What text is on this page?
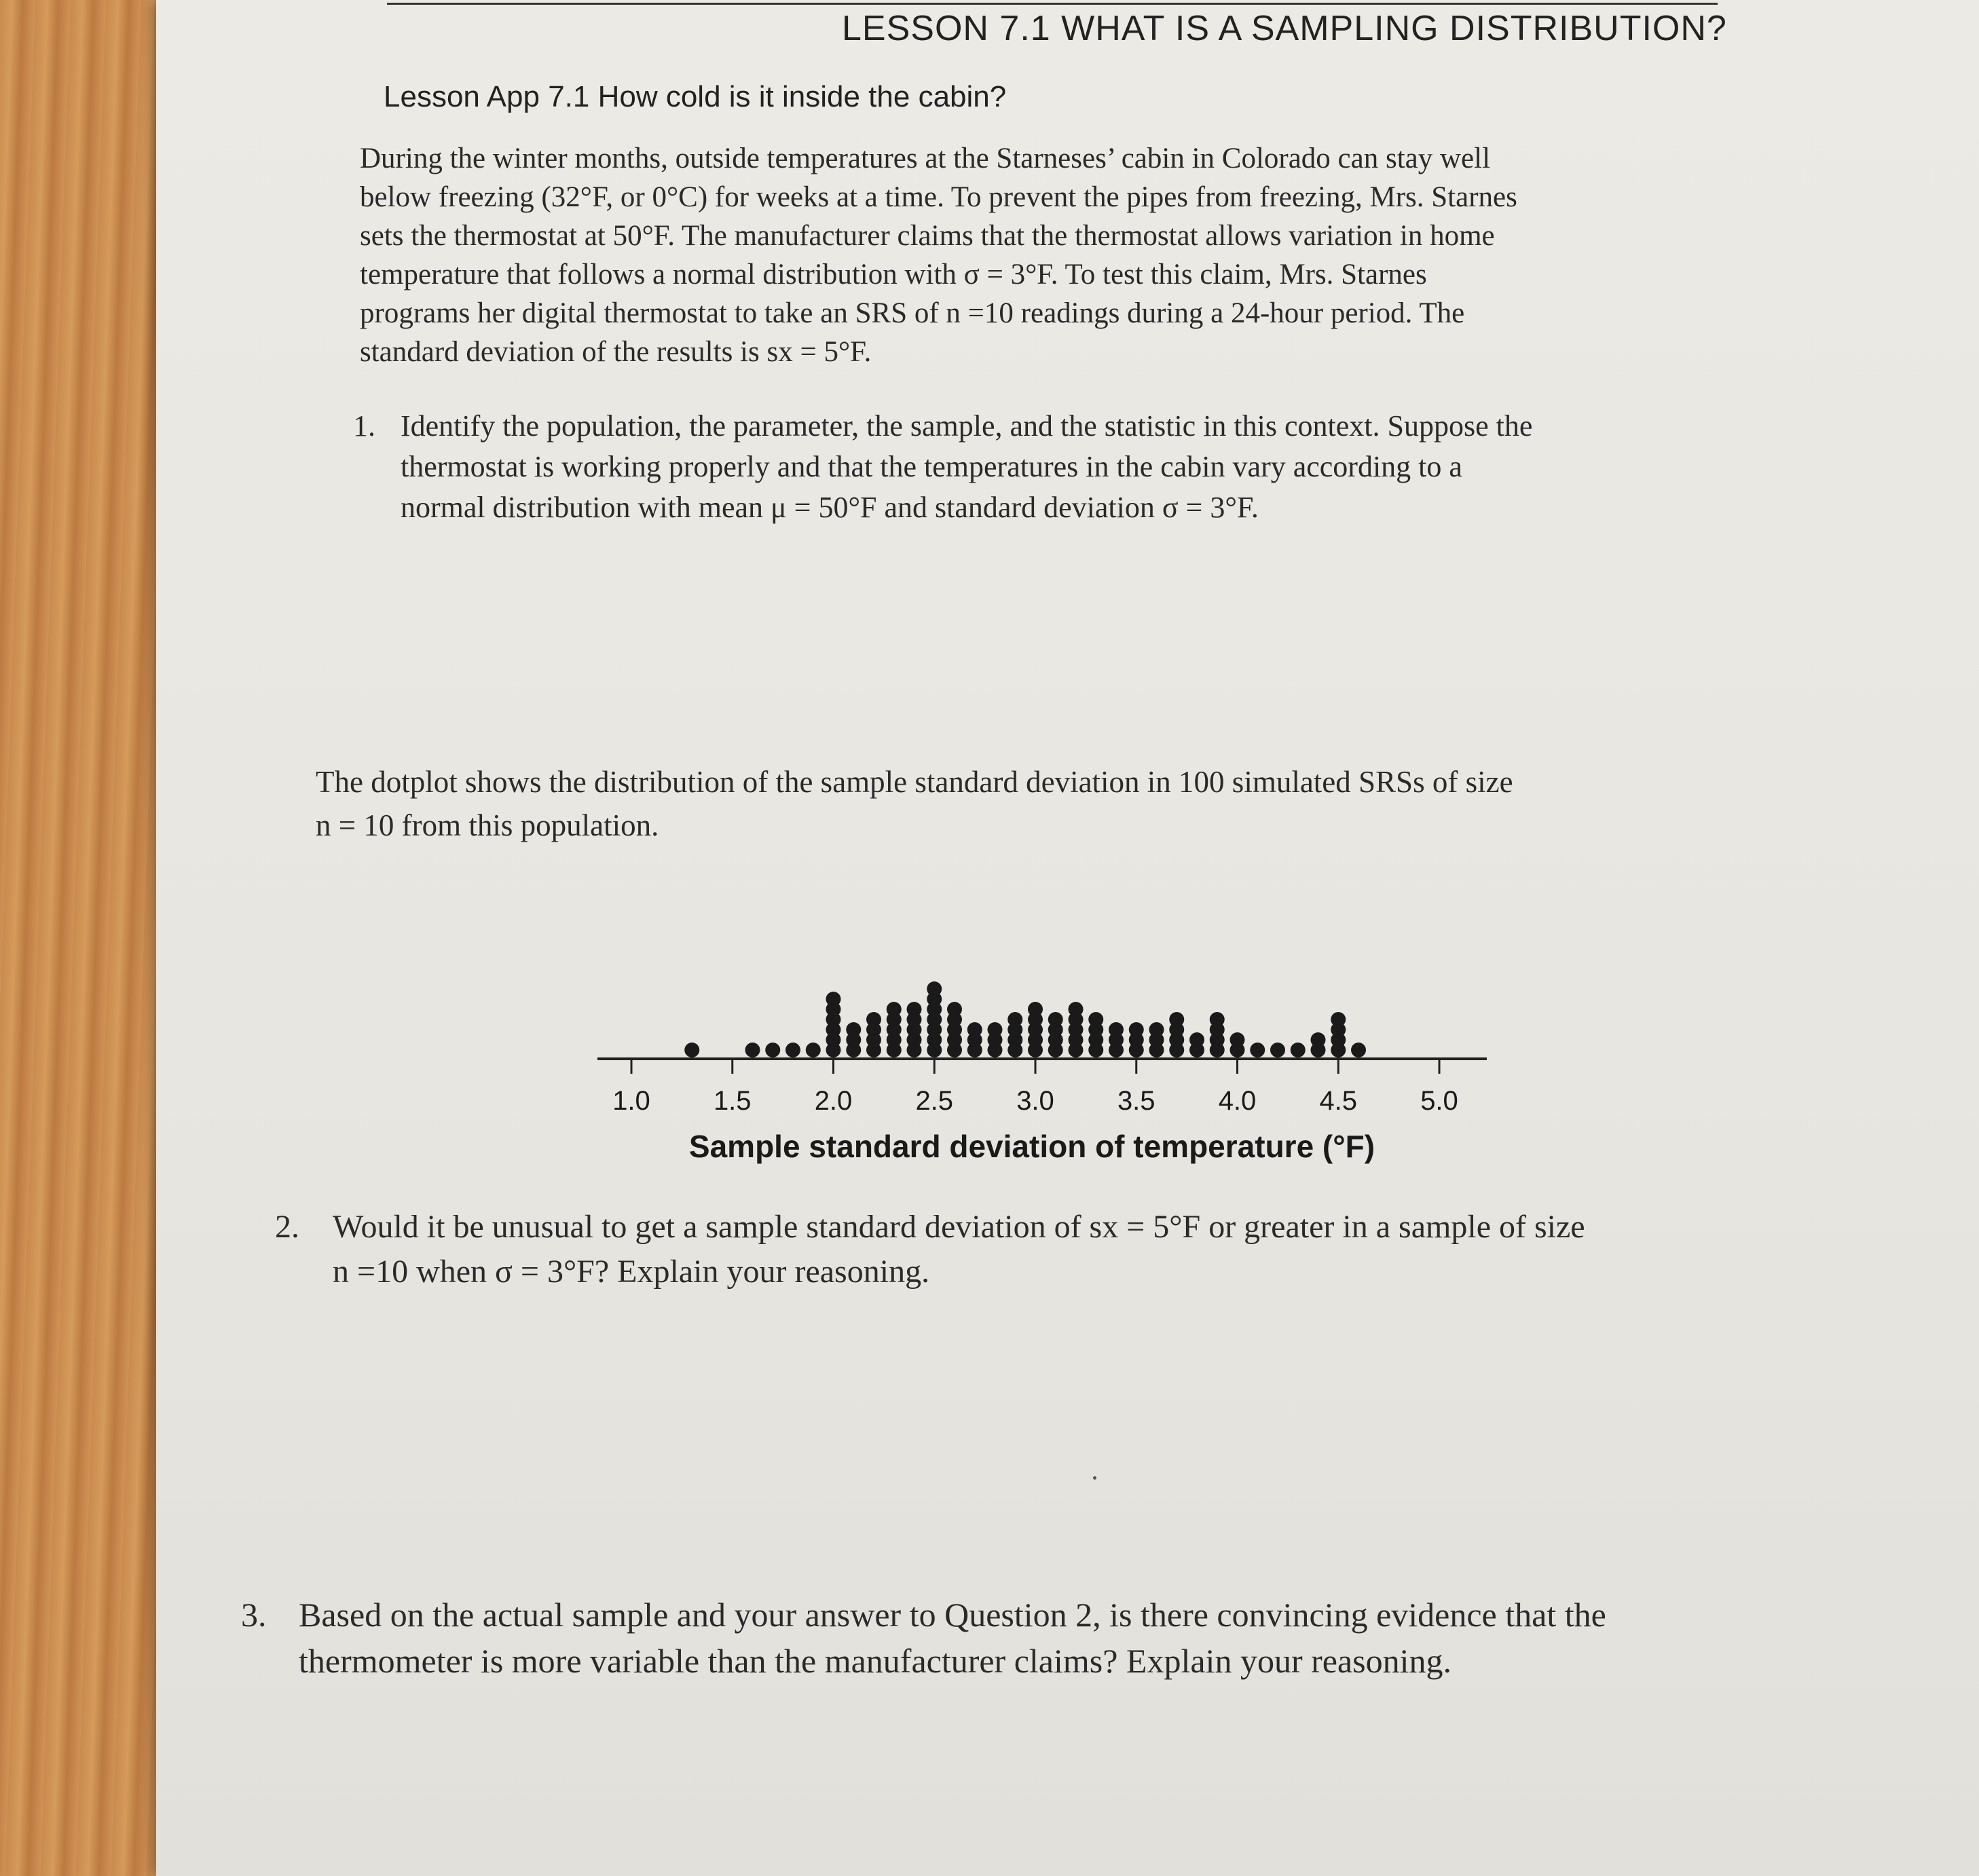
LESSON 7.1 WHAT IS A SAMPLING DISTRIBUTION?
Lesson App 7.1 How cold is it inside the cabin?
During the winter months, outside temperatures at the Starneses’ cabin in Colorado can stay well
below freezing (32°F, or 0°C) for weeks at a time. To prevent the pipes from freezing, Mrs. Starnes
sets the thermostat at 50°F. The manufacturer claims that the thermostat allows variation in home
temperature that follows a normal distribution with σ = 3°F. To test this claim, Mrs. Starnes
programs her digital thermostat to take an SRS of n =10 readings during a 24-hour period. The
standard deviation of the results is sx = 5°F.
1. Identify the population, the parameter, the sample, and the statistic in this context. Suppose the
thermostat is working properly and that the temperatures in the cabin vary according to a
normal distribution with mean μ = 50°F and standard deviation σ = 3°F.
The dotplot shows the distribution of the sample standard deviation in 100 simulated SRSs of size
n = 10 from this population.
1.0 1.5 2.0 2.5 3.0 3.5 4.0 4.5 5.0
Sample standard deviation of temperature (°F)
2. Would it be unusual to get a sample standard deviation of sx = 5°F or greater in a sample of size
n =10 when σ = 3°F? Explain your reasoning.
3. Based on the actual sample and your answer to Question 2, is there convincing evidence that the
thermometer is more variable than the manufacturer claims? Explain your reasoning.
